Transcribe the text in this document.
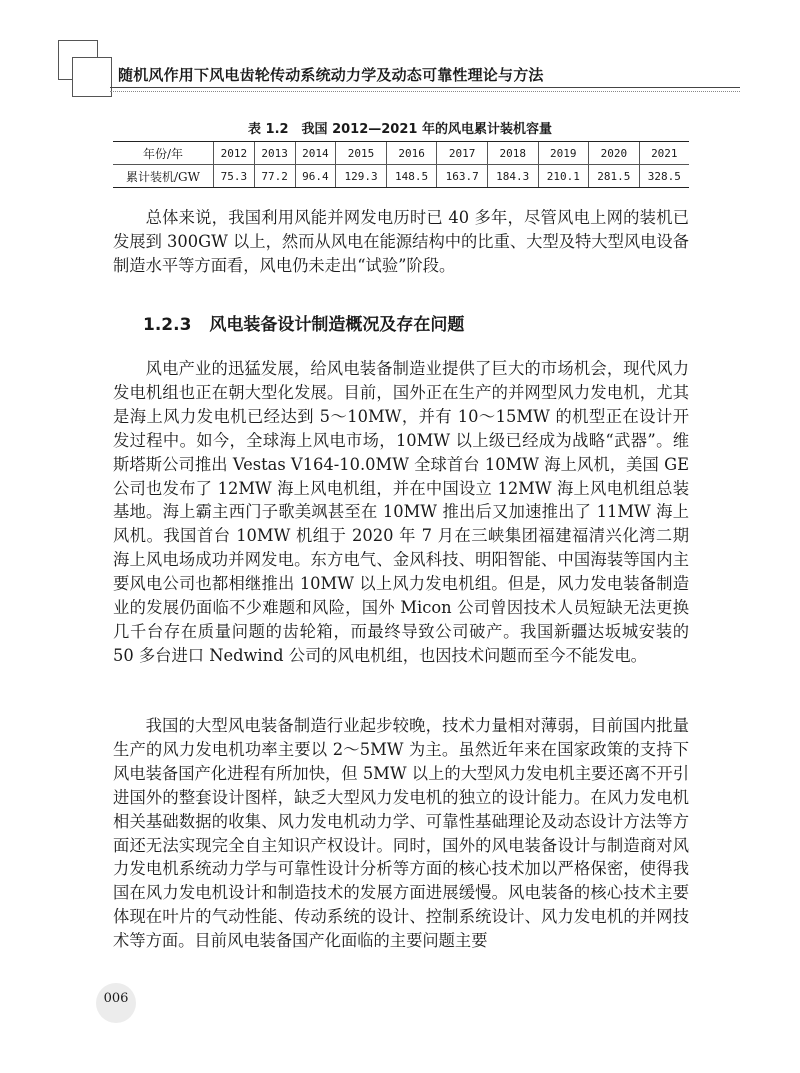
随机风作用下风电齿轮传动系统动力学及动态可靠性理论与方法
表 1.2　我国 2012—2021 年的风电累计装机容量
年份/年	2012	2013	2014	2015	2016	2017	2018	2019	2020	2021
累计装机/GW	75.3	77.2	96.4	129.3	148.5	163.7	184.3	210.1	281.5	328.5

总体来说，我国利用风能并网发电历时已 40 多年，尽管风电上网的装机已发展到 300GW 以上，然而从风电在能源结构中的比重、大型及特大型风电设备制造水平等方面看，风电仍未走出“试验”阶段。

1.2.3 风电装备设计制造概况及存在问题

风电产业的迅猛发展，给风电装备制造业提供了巨大的市场机会，现代风力发电机组也正在朝大型化发展。目前，国外正在生产的并网型风力发电机，尤其是海上风力发电机已经达到 5～10MW，并有 10～15MW 的机型正在设计开发过程中。如今，全球海上风电市场，10MW 以上级已经成为战略“武器”。维斯塔斯公司推出 Vestas V164-10.0MW 全球首台 10MW 海上风机，美国 GE 公司也发布了 12MW 海上风电机组，并在中国设立 12MW 海上风电机组总装基地。海上霸主西门子歌美飒甚至在 10MW 推出后又加速推出了 11MW 海上风机。我国首台 10MW 机组于 2020 年 7 月在三峡集团福建福清兴化湾二期海上风电场成功并网发电。东方电气、金风科技、明阳智能、中国海装等国内主要风电公司也都相继推出 10MW 以上风力发电机组。但是，风力发电装备制造业的发展仍面临不少难题和风险，国外 Micon 公司曾因技术人员短缺无法更换几千台存在质量问题的齿轮箱，而最终导致公司破产。我国新疆达坂城安装的 50 多台进口 Nedwind 公司的风电机组，也因技术问题而至今不能发电。

我国的大型风电装备制造行业起步较晚，技术力量相对薄弱，目前国内批量生产的风力发电机功率主要以 2～5MW 为主。虽然近年来在国家政策的支持下风电装备国产化进程有所加快，但 5MW 以上的大型风力发电机主要还离不开引进国外的整套设计图样，缺乏大型风力发电机的独立的设计能力。在风力发电机相关基础数据的收集、风力发电机动力学、可靠性基础理论及动态设计方法等方面还无法实现完全自主知识产权设计。同时，国外的风电装备设计与制造商对风力发电机系统动力学与可靠性设计分析等方面的核心技术加以严格保密，使得我国在风力发电机设计和制造技术的发展方面进展缓慢。风电装备的核心技术主要体现在叶片的气动性能、传动系统的设计、控制系统设计、风力发电机的并网技术等方面。目前风电装备国产化面临的主要问题主要

006
